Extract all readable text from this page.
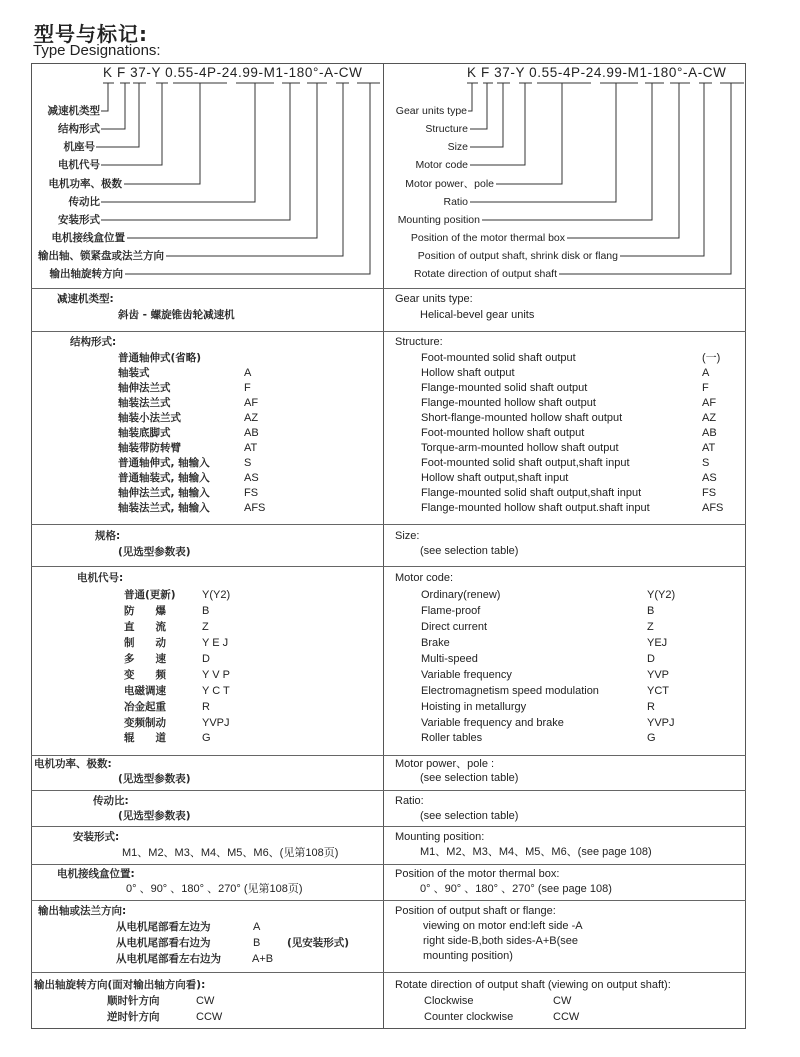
型号与标记:
Type Designations:
K F 37-Y 0.55-4P-24.99-M1-180°-A-CW	K F 37-Y 0.55-4P-24.99-M1-180°-A-CW
减速机类型
结构形式
机座号
电机代号
电机功率、极数
传动比
安装形式
电机接线盒位置
输出轴、锁紧盘或法兰方向
输出轴旋转方向
Gear units type
Structure
Size
Motor code
Motor power、pole
Ratio
Mounting position
Position of the motor thermal box
Position of output shaft, shrink disk or flang
Rotate direction of output shaft
减速机类型:
斜齿 - 螺旋锥齿轮减速机
Gear units type:
Helical-bevel gear units
结构形式:	Structure:
普通轴伸式(省略)
轴装式	A
轴伸法兰式	F
轴装法兰式	AF
轴装小法兰式	AZ
轴装底脚式	AB
轴装带防转臂	AT
普通轴伸式, 轴输入	S
普通轴装式, 轴输入	AS
轴伸法兰式, 轴输入	FS
轴装法兰式, 轴输入	AFS
Foot-mounted solid shaft output	(一)
Hollow shaft output	A
Flange-mounted solid shaft output	F
Flange-mounted hollow shaft output	AF
Short-flange-mounted hollow shaft output	AZ
Foot-mounted hollow shaft output	AB
Torque-arm-mounted hollow shaft output	AT
Foot-mounted solid shaft output,shaft input	S
Hollow shaft output,shaft input	AS
Flange-mounted solid shaft output,shaft input	FS
Flange-mounted hollow shaft output.shaft input	AFS
规格:
(见选型参数表)
Size:
(see selection table)
电机代号:	Motor code:
普通(更新) Y(Y2)
防　　爆	B
直　　流	Z
制　　动	Y E J
多　　速	D
变　　频	Y V P
电磁调速	Y C T
冶金起重	R
变频制动	YVPJ
辊　　道	G
Ordinary(renew)	Y(Y2)
Flame-proof	B
Direct current	Z
Brake	YEJ
Multi-speed	D
Variable frequency	YVP
Electromagnetism speed modulation	YCT
Hoisting in metallurgy	R
Variable frequency and brake	YVPJ
Roller tables	G
电机功率、极数:
(见选型参数表)
Motor power、pole :
(see selection table)
传动比:
(见选型参数表)
Ratio:
(see selection table)
安装形式:
M1、M2、M3、M4、M5、M6、(见第108页)
Mounting position:
M1、M2、M3、M4、M5、M6、(see page 108)
电机接线盒位置:
0° 、90° 、180° 、270° (见第108页)
Position of the motor thermal box:
0° 、90° 、180° 、270° (see page 108)
输出轴或法兰方向:
从电机尾部看左边为	A
从电机尾部看右边为	B	(见安装形式)
从电机尾部看左右边为	A+B
Position of output shaft or flange:
viewing on motor end:left side -A
right side-B,both sides-A+B(see
mounting position)
输出轴旋转方向(面对输出轴方向看):
顺时针方向	CW
逆时针方向	CCW
Rotate direction of output shaft (viewing on output shaft):
Clockwise	CW
Counter clockwise	CCW
